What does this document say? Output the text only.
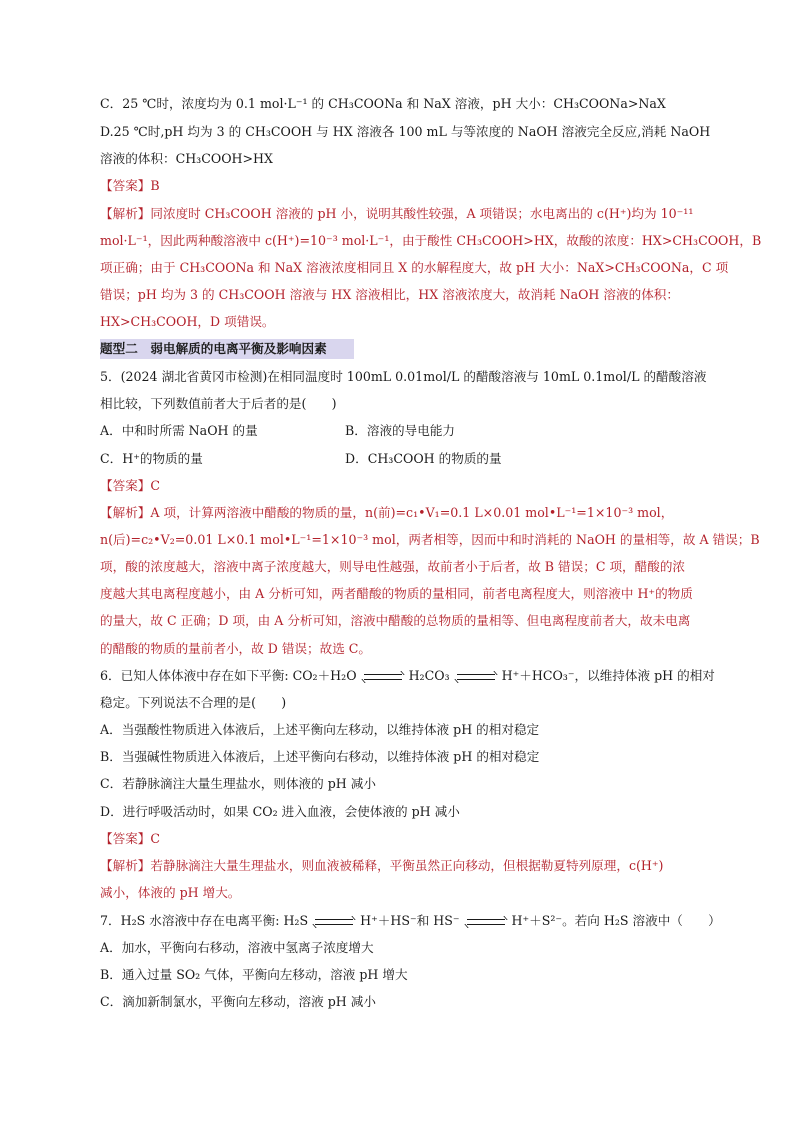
C．25 ℃时，浓度均为 0.1 mol·L⁻¹ 的 CH₃COONa 和 NaX 溶液，pH 大小：CH₃COONa>NaX
D.25 ℃时,pH 均为 3 的 CH₃COOH 与 HX 溶液各 100 mL 与等浓度的 NaOH 溶液完全反应,消耗 NaOH
溶液的体积：CH₃COOH>HX
【答案】B
【解析】同浓度时 CH₃COOH 溶液的 pH 小，说明其酸性较强，A 项错误；水电离出的 c(H⁺)均为 10⁻¹¹
mol·L⁻¹，因此两种酸溶液中 c(H⁺)=10⁻³ mol·L⁻¹，由于酸性 CH₃COOH>HX，故酸的浓度：HX>CH₃COOH，B
项正确；由于 CH₃COONa 和 NaX 溶液浓度相同且 X 的水解程度大，故 pH 大小：NaX>CH₃COONa，C 项
错误；pH 均为 3 的 CH₃COOH 溶液与 HX 溶液相比，HX 溶液浓度大，故消耗 NaOH 溶液的体积：
HX>CH₃COOH，D 项错误。
题型二　弱电解质的电离平衡及影响因素
5．(2024 湖北省黄冈市检测)在相同温度时 100mL 0.01mol/L 的醋酸溶液与 10mL 0.1mol/L 的醋酸溶液
相比较，下列数值前者大于后者的是(　　)
A．中和时所需 NaOH 的量	B．溶液的导电能力
C．H⁺的物质的量	D．CH₃COOH 的物质的量
【答案】C
【解析】A 项，计算两溶液中醋酸的物质的量，n(前)=c₁•V₁=0.1 L×0.01 mol•L⁻¹=1×10⁻³ mol，
n(后)=c₂•V₂=0.01 L×0.1 mol•L⁻¹=1×10⁻³ mol，两者相等，因而中和时消耗的 NaOH 的量相等，故 A 错误；B
项，酸的浓度越大，溶液中离子浓度越大，则导电性越强，故前者小于后者，故 B 错误；C 项，醋酸的浓
度越大其电离程度越小，由 A 分析可知，两者醋酸的物质的量相同，前者电离程度大，则溶液中 H⁺的物质
的量大，故 C 正确；D 项，由 A 分析可知，溶液中醋酸的总物质的量相等、但电离程度前者大，故未电离
的醋酸的物质的量前者小，故 D 错误；故选 C。
6．已知人体体液中存在如下平衡: CO₂＋H₂O	H₂CO₃	H⁺＋HCO₃⁻，以维持体液 pH 的相对
稳定。下列说法不合理的是(　　)
A．当强酸性物质进入体液后，上述平衡向左移动，以维持体液 pH 的相对稳定
B．当强碱性物质进入体液后，上述平衡向右移动，以维持体液 pH 的相对稳定
C．若静脉滴注大量生理盐水，则体液的 pH 减小
D．进行呼吸活动时，如果 CO₂ 进入血液，会使体液的 pH 减小
【答案】C
【解析】若静脉滴注大量生理盐水，则血液被稀释，平衡虽然正向移动，但根据勒夏特列原理，c(H⁺)
减小，体液的 pH 增大。
7．H₂S 水溶液中存在电离平衡: H₂S	H⁺＋HS⁻和 HS⁻	H⁺＋S²⁻。若向 H₂S 溶液中（　　）
A．加水，平衡向右移动，溶液中氢离子浓度增大
B．通入过量 SO₂ 气体，平衡向左移动，溶液 pH 增大
C．滴加新制氯水，平衡向左移动，溶液 pH 减小
